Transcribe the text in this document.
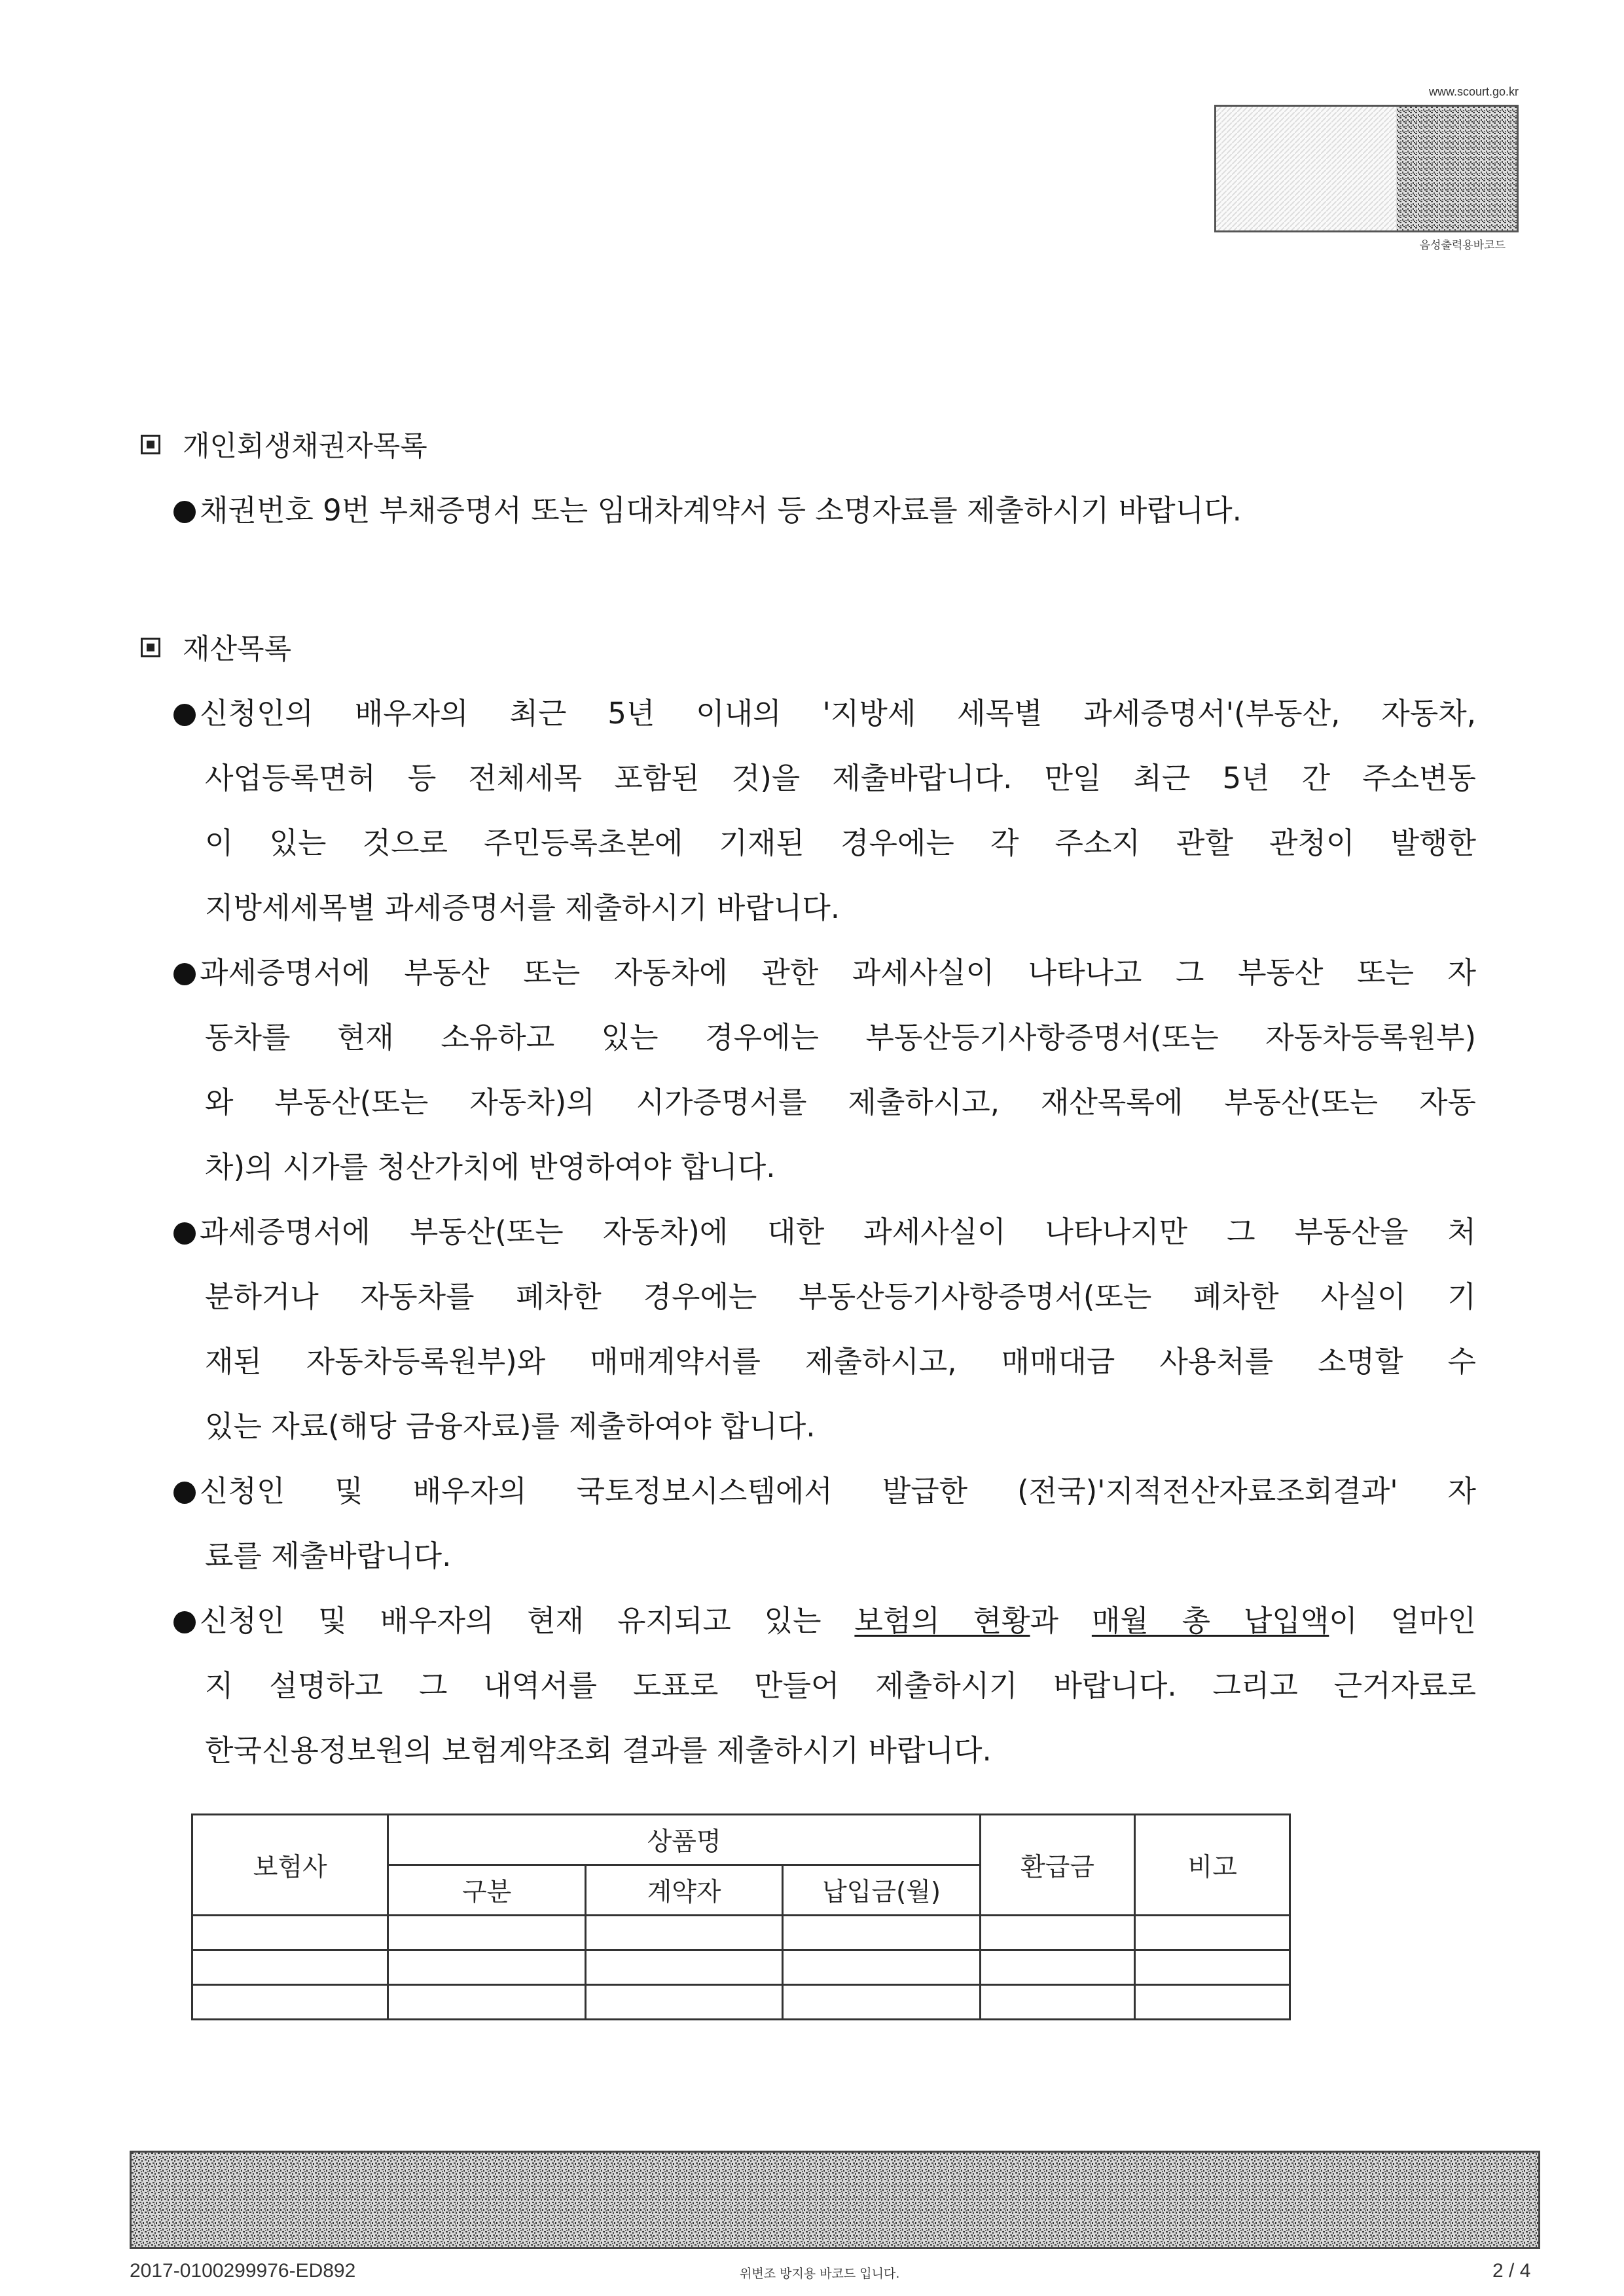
www.scourt.go.kr
음성출력용바코드
개인회생채권자목록
채권번호 9번 부채증명서 또는 임대차계약서 등 소명자료를 제출하시기 바랍니다.
재산목록
신청인의 배우자의 최근 5년 이내의 '지방세 세목별 과세증명서'(부동산, 자동차,
사업등록면허 등 전체세목 포함된 것)을 제출바랍니다. 만일 최근 5년 간 주소변동
이 있는 것으로 주민등록초본에 기재된 경우에는 각 주소지 관할 관청이 발행한
지방세세목별 과세증명서를 제출하시기 바랍니다.
과세증명서에 부동산 또는 자동차에 관한 과세사실이 나타나고 그 부동산 또는 자
동차를 현재 소유하고 있는 경우에는 부동산등기사항증명서(또는 자동차등록원부)
와 부동산(또는 자동차)의 시가증명서를 제출하시고, 재산목록에 부동산(또는 자동
차)의 시가를 청산가치에 반영하여야 합니다.
과세증명서에 부동산(또는 자동차)에 대한 과세사실이 나타나지만 그 부동산을 처
분하거나 자동차를 폐차한 경우에는 부동산등기사항증명서(또는 폐차한 사실이 기
재된 자동차등록원부)와 매매계약서를 제출하시고, 매매대금 사용처를 소명할 수
있는 자료(해당 금융자료)를 제출하여야 합니다.
신청인 및 배우자의 국토정보시스템에서 발급한 (전국)'지적전산자료조회결과' 자
료를 제출바랍니다.
신청인 및 배우자의 현재 유지되고 있는 보험의 현황과 매월 총 납입액이 얼마인
지 설명하고 그 내역서를 도표로 만들어 제출하시기 바랍니다. 그리고 근거자료로
한국신용정보원의 보험계약조회 결과를 제출하시기 바랍니다.
보험사	상품명			환급금	비고
	구분	계약자	납입금(월)		

2017-0100299976-ED892	위변조 방지용 바코드 입니다.	2 / 4
